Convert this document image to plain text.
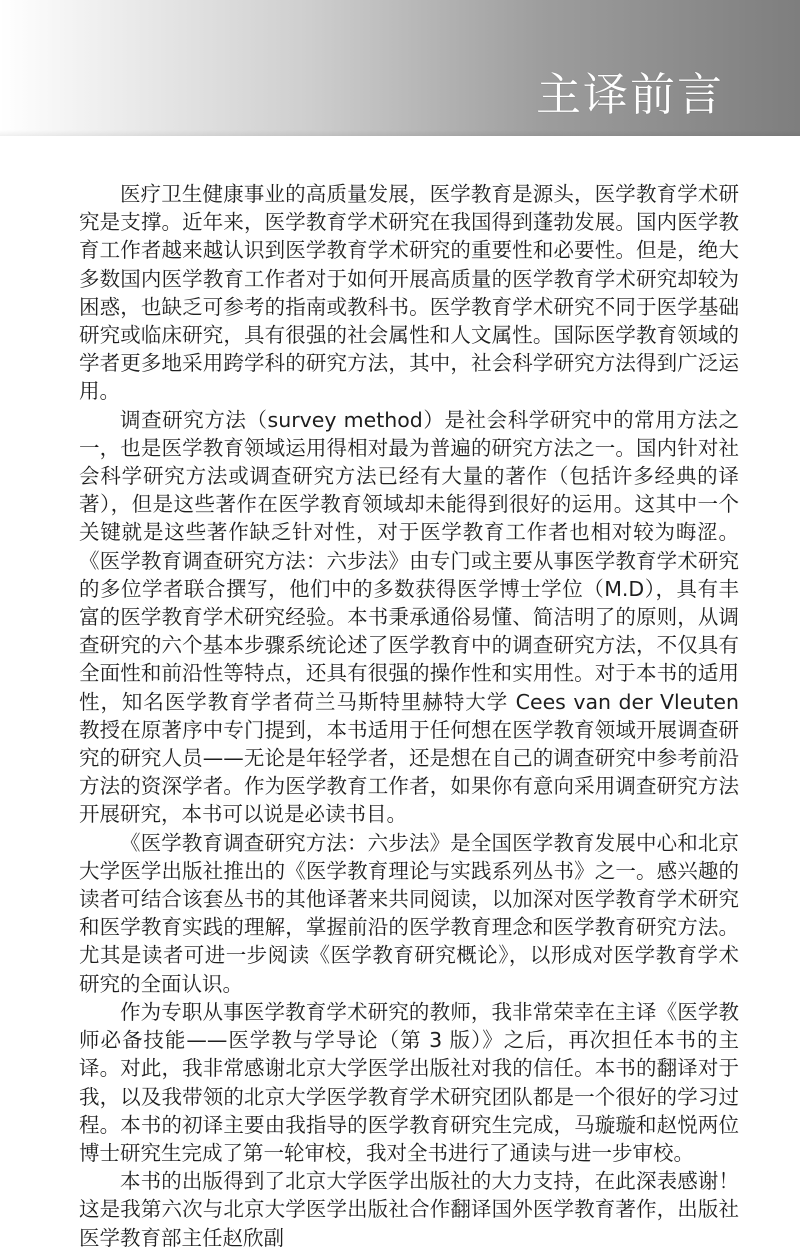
主译前言

医疗卫生健康事业的高质量发展，医学教育是源头，医学教育学术研究是支撑。近年来，医学教育学术研究在我国得到蓬勃发展。国内医学教育工作者越来越认识到医学教育学术研究的重要性和必要性。但是，绝大多数国内医学教育工作者对于如何开展高质量的医学教育学术研究却较为困惑，也缺乏可参考的指南或教科书。医学教育学术研究不同于医学基础研究或临床研究，具有很强的社会属性和人文属性。国际医学教育领域的学者更多地采用跨学科的研究方法，其中，社会科学研究方法得到广泛运用。

调查研究方法（survey method）是社会科学研究中的常用方法之一，也是医学教育领域运用得相对最为普遍的研究方法之一。国内针对社会科学研究方法或调查研究方法已经有大量的著作（包括许多经典的译著），但是这些著作在医学教育领域却未能得到很好的运用。这其中一个关键就是这些著作缺乏针对性，对于医学教育工作者也相对较为晦涩。《医学教育调查研究方法：六步法》由专门或主要从事医学教育学术研究的多位学者联合撰写，他们中的多数获得医学博士学位（M.D），具有丰富的医学教育学术研究经验。本书秉承通俗易懂、简洁明了的原则，从调查研究的六个基本步骤系统论述了医学教育中的调查研究方法，不仅具有全面性和前沿性等特点，还具有很强的操作性和实用性。对于本书的适用性，知名医学教育学者荷兰马斯特里赫特大学 Cees van der Vleuten 教授在原著序中专门提到，本书适用于任何想在医学教育领域开展调查研究的研究人员——无论是年轻学者，还是想在自己的调查研究中参考前沿方法的资深学者。作为医学教育工作者，如果你有意向采用调查研究方法开展研究，本书可以说是必读书目。

《医学教育调查研究方法：六步法》是全国医学教育发展中心和北京大学医学出版社推出的《医学教育理论与实践系列丛书》之一。感兴趣的读者可结合该套丛书的其他译著来共同阅读，以加深对医学教育学术研究和医学教育实践的理解，掌握前沿的医学教育理念和医学教育研究方法。尤其是读者可进一步阅读《医学教育研究概论》，以形成对医学教育学术研究的全面认识。

作为专职从事医学教育学术研究的教师，我非常荣幸在主译《医学教师必备技能——医学教与学导论（第 3 版）》之后，再次担任本书的主译。对此，我非常感谢北京大学医学出版社对我的信任。本书的翻译对于我，以及我带领的北京大学医学教育学术研究团队都是一个很好的学习过程。本书的初译主要由我指导的医学教育研究生完成，马璇璇和赵悦两位博士研究生完成了第一轮审校，我对全书进行了通读与进一步审校。

本书的出版得到了北京大学医学出版社的大力支持，在此深表感谢！这是我第六次与北京大学医学出版社合作翻译国外医学教育著作，出版社医学教育部主任赵欣副
